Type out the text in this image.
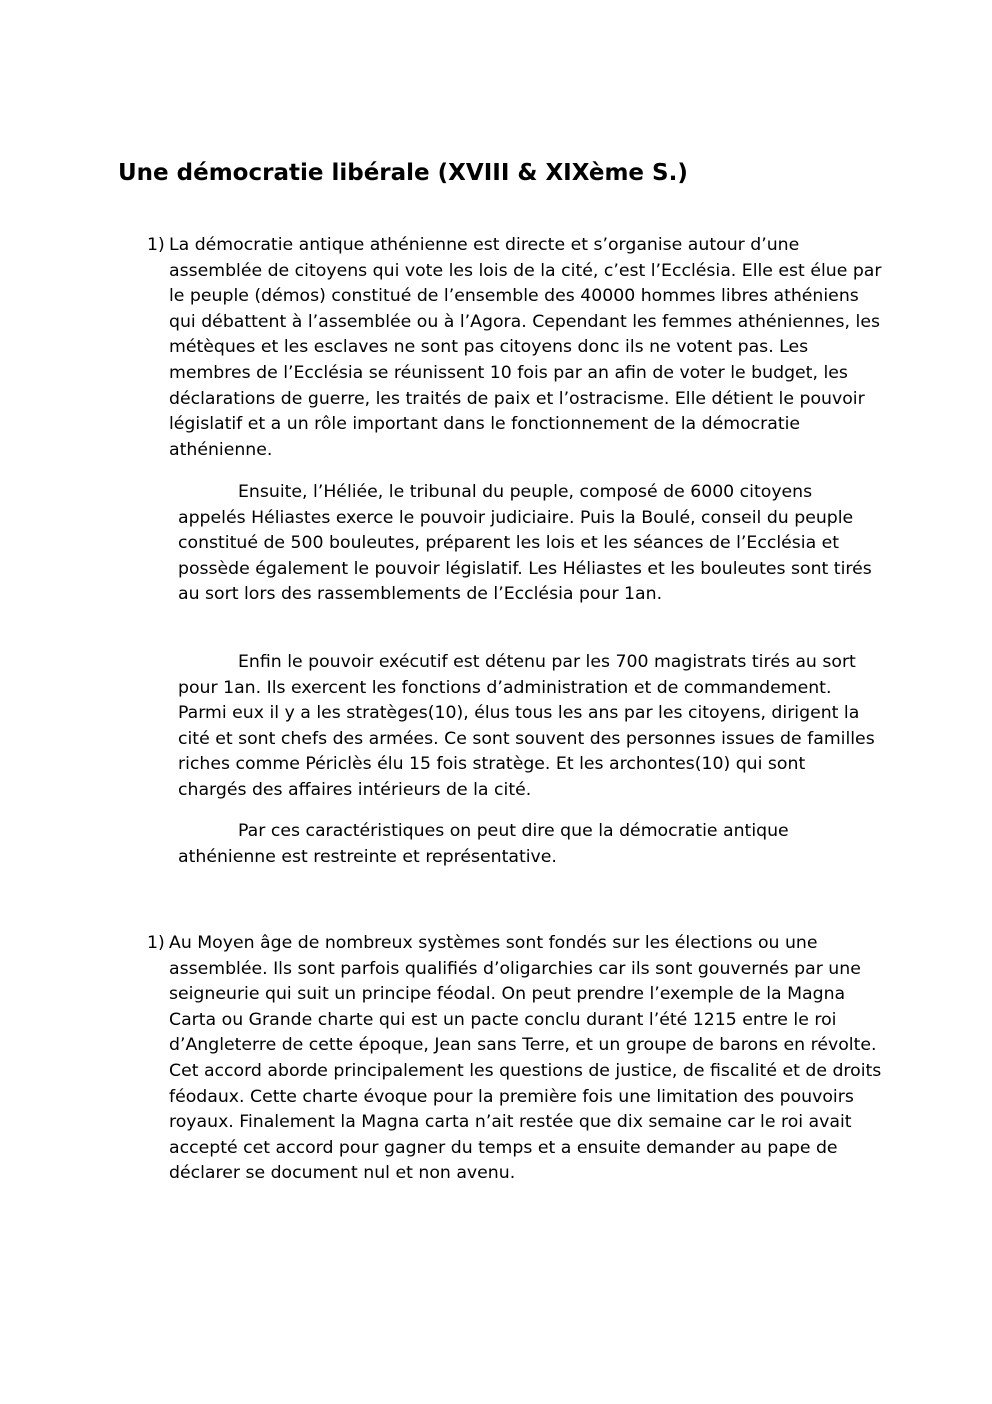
Une démocratie libérale (XVIII & XIXème S.)
1) La démocratie antique athénienne est directe et s’organise autour d’une assemblée de citoyens qui vote les lois de la cité, c’est l’Ecclésia. Elle est élue par le peuple (démos) constitué de l’ensemble des 40000 hommes libres athéniens qui débattent à l’assemblée ou à l’Agora. Cependant les femmes athéniennes, les métèques et les esclaves ne sont pas citoyens donc ils ne votent pas. Les membres de l’Ecclésia se réunissent 10 fois par an afin de voter le budget, les déclarations de guerre, les traités de paix et l’ostracisme. Elle détient le pouvoir législatif et a un rôle important dans le fonctionnement de la démocratie athénienne.

Ensuite, l’Héliée, le tribunal du peuple, composé de 6000 citoyens appelés Héliastes exerce le pouvoir judiciaire. Puis la Boulé, conseil du peuple constitué de 500 bouleutes, préparent les lois et les séances de l’Ecclésia et possède également le pouvoir législatif. Les Héliastes et les bouleutes sont tirés au sort lors des rassemblements de l’Ecclésia pour 1an.

Enfin le pouvoir exécutif est détenu par les 700 magistrats tirés au sort pour 1an. Ils exercent les fonctions d’administration et de commandement. Parmi eux il y a les stratèges(10), élus tous les ans par les citoyens, dirigent la cité et sont chefs des armées. Ce sont souvent des personnes issues de familles riches comme Périclès élu 15 fois stratège. Et les archontes(10) qui sont chargés des affaires intérieurs de la cité.

Par ces caractéristiques on peut dire que la démocratie antique athénienne est restreinte et représentative.

1) Au Moyen âge de nombreux systèmes sont fondés sur les élections ou une assemblée. Ils sont parfois qualifiés d’oligarchies car ils sont gouvernés par une seigneurie qui suit un principe féodal. On peut prendre l’exemple de la Magna Carta ou Grande charte qui est un pacte conclu durant l’été 1215 entre le roi d’Angleterre de cette époque, Jean sans Terre, et un groupe de barons en révolte. Cet accord aborde principalement les questions de justice, de fiscalité et de droits féodaux. Cette charte évoque pour la première fois une limitation des pouvoirs royaux. Finalement la Magna carta n’ait restée que dix semaine car le roi avait accepté cet accord pour gagner du temps et a ensuite demander au pape de déclarer se document nul et non avenu.
